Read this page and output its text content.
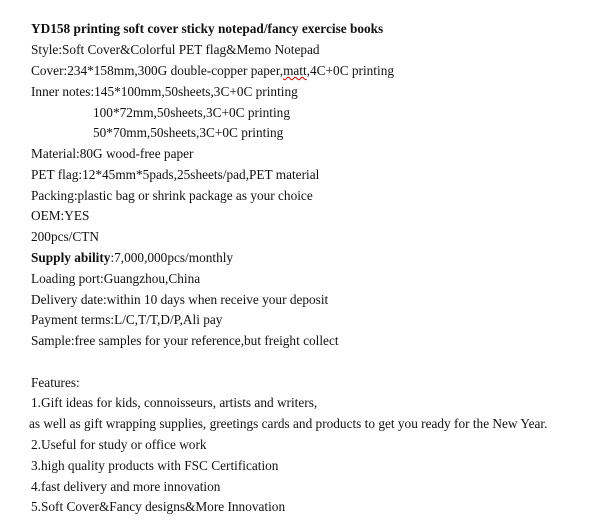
YD158 printing soft cover sticky notepad/fancy exercise books
Style:Soft Cover&Colorful PET flag&Memo Notepad
Cover:234*158mm,300G double-copper paper,matt,4C+0C printing
Inner notes:145*100mm,50sheets,3C+0C printing
100*72mm,50sheets,3C+0C printing
50*70mm,50sheets,3C+0C printing
Material:80G wood-free paper
PET flag:12*45mm*5pads,25sheets/pad,PET material
Packing:plastic bag or shrink package as your choice
OEM:YES
200pcs/CTN
Supply ability:7,000,000pcs/monthly
Loading port:Guangzhou,China
Delivery date:within 10 days when receive your deposit
Payment terms:L/C,T/T,D/P,Ali pay
Sample:free samples for your reference,but freight collect
Features:
1.Gift ideas for kids, connoisseurs, artists and writers,
as well as gift wrapping supplies, greetings cards and products to get you ready for the New Year.
2.Useful for study or office work
3.high quality products with FSC Certification
4.fast delivery and more innovation
5.Soft Cover&Fancy designs&More Innovation
